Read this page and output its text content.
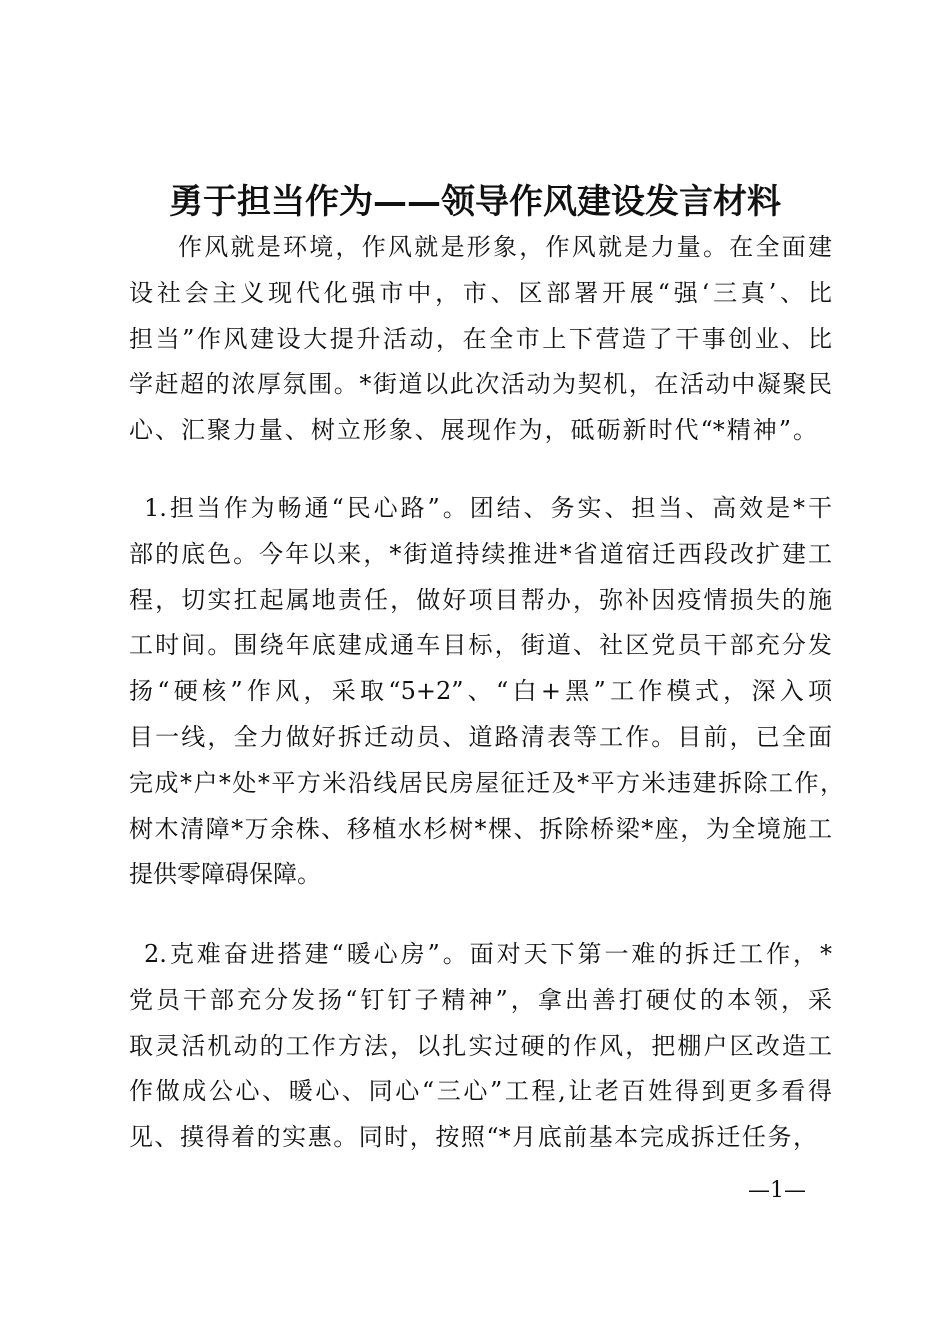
勇于担当作为——领导作风建设发言材料
作风就是环境，作风就是形象，作风就是力量。在全面建
设社会主义现代化强市中，市、区部署开展“强‘三真’、比
担当”作风建设大提升活动，在全市上下营造了干事创业、比
学赶超的浓厚氛围。*街道以此次活动为契机，在活动中凝聚民
心、汇聚力量、树立形象、展现作为，砥砺新时代“*精神”。
1.担当作为畅通“民心路”。团结、务实、担当、高效是*干
部的底色。今年以来，*街道持续推进*省道宿迁西段改扩建工
程，切实扛起属地责任，做好项目帮办，弥补因疫情损失的施
工时间。围绕年底建成通车目标，街道、社区党员干部充分发
扬“硬核”作风，采取“5+2”、“白+黑”工作模式，深入项
目一线，全力做好拆迁动员、道路清表等工作。目前，已全面
完成*户*处*平方米沿线居民房屋征迁及*平方米违建拆除工作，
树木清障*万余株、移植水杉树*棵、拆除桥梁*座，为全境施工
提供零障碍保障。
2.克难奋进搭建“暖心房”。面对天下第一难的拆迁工作，*
党员干部充分发扬“钉钉子精神”，拿出善打硬仗的本领，采
取灵活机动的工作方法，以扎实过硬的作风，把棚户区改造工
作做成公心、暖心、同心“三心”工程,让老百姓得到更多看得
见、摸得着的实惠。同时，按照“*月底前基本完成拆迁任务，
—1—
